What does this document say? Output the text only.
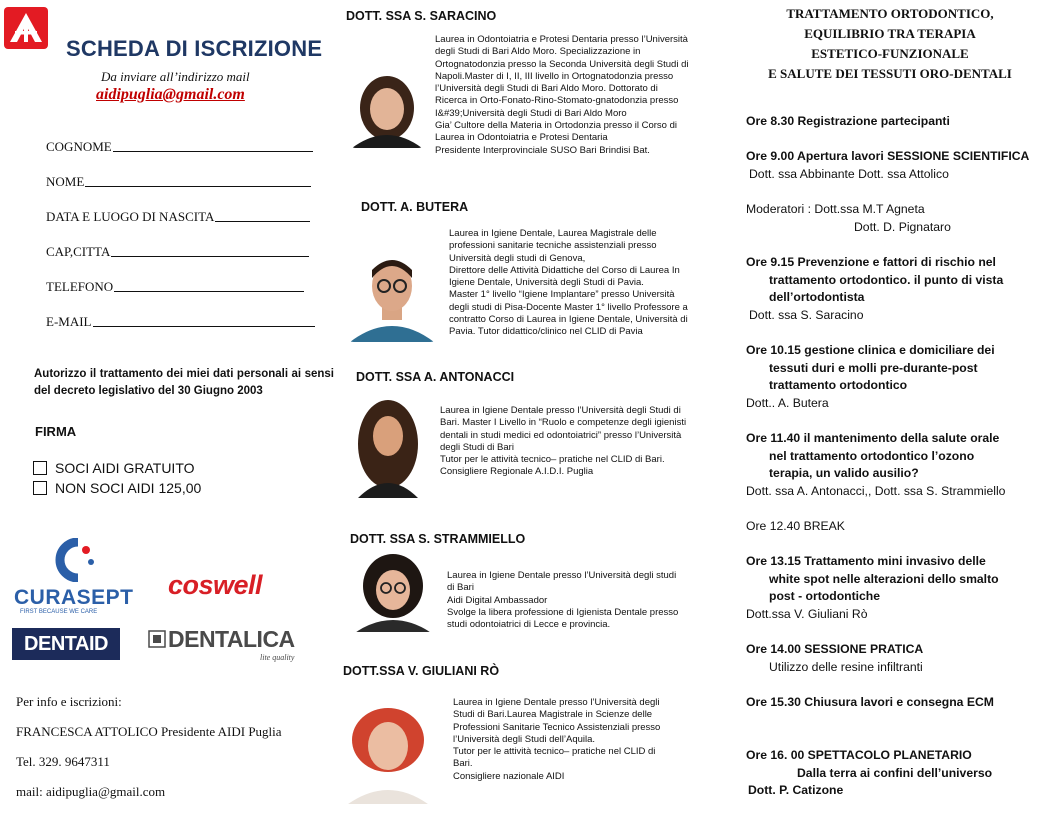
SCHEDA DI ISCRIZIONE
Da inviare all’indirizzo mail
aidipuglia@gmail.com
COGNOME
NOME
DATA E LUOGO DI NASCITA
CAP,CITTA
TELEFONO
E-MAIL
Autorizzo il trattamento dei miei dati personali ai sensi del decreto legislativo del 30 Giugno 2003
FIRMA
SOCI AIDI GRATUITO
NON SOCI AIDI 125,00
CURASEPT
FIRST BECAUSE WE CARE
coswell
DENTAID	DENTALICA
lite quality
Per info e iscrizioni:
FRANCESCA ATTOLICO Presidente AIDI Puglia
Tel. 329. 9647311
mail: aidipuglia@gmail.com
DOTT. SSA S. SARACINO
Laurea in Odontoiatria e Protesi Dentaria presso l’Università
degli Studi di Bari Aldo Moro. Specializzazione in
Ortognatodonzia presso la Seconda Università degli Studi di
Napoli.Master di I, II, III livello in Ortognatodonzia presso
l’Università degli Studi di Bari Aldo Moro. Dottorato di
Ricerca in Orto-Fonato-Rino-Stomato-gnatodonzia presso
I&#39;Università degli Studi di Bari Aldo Moro
Gia’ Cultore della Materia in Ortodonzia presso il Corso di
Laurea in Odontoiatria e Protesi Dentaria
Presidente Interprovinciale SUSO Bari Brindisi Bat.
DOTT. A. BUTERA
Laurea in Igiene Dentale, Laurea Magistrale delle
professioni sanitarie tecniche assistenziali presso
Università degli studi di Genova,
Direttore delle Attività Didattiche del Corso di Laurea In
Igiene Dentale, Università degli Studi di Pavia.
Master 1° livello “Igiene Implantare” presso Università
degli studi di Pisa-Docente Master 1° livello Professore a
contratto Corso di Laurea in Igiene Dentale, Università di
Pavia. Tutor didattico/clinico nel CLID di Pavia
DOTT. SSA A. ANTONACCI
Laurea in Igiene Dentale presso l’Università degli Studi di
Bari. Master I Livello in “Ruolo e competenze degli igienisti
dentali in studi medici ed odontoiatrici” presso l’Università
degli Studi di Bari
Tutor per le attività tecnico– pratiche nel CLID di Bari.
Consigliere Regionale A.I.D.I. Puglia
DOTT. SSA S. STRAMMIELLO
Laurea in Igiene Dentale presso l’Università degli studi
di Bari
Aidi Digital Ambassador
Svolge la libera professione di Igienista Dentale presso
studi odontoiatrici di Lecce e provincia.
DOTT.SSA V. GIULIANI RÒ
Laurea in Igiene Dentale presso l’Università degli
Studi di Bari.Laurea Magistrale in Scienze delle
Professioni Sanitarie Tecnico Assistenziali presso
l’Università degli Studi dell’Aquila.
Tutor per le attività tecnico– pratiche nel CLID di
Bari.
Consigliere nazionale AIDI
TRATTAMENTO ORTODONTICO,
EQUILIBRIO TRA TERAPIA
ESTETICO-FUNZIONALE
E SALUTE DEI TESSUTI ORO-DENTALI
Ore 8.30 Registrazione partecipanti
Ore 9.00 Apertura lavori SESSIONE SCIENTIFICA
Dott. ssa Abbinante Dott. ssa Attolico
Moderatori : Dott.ssa M.T Agneta
Dott. D. Pignataro
Ore 9.15 Prevenzione e fattori di rischio nel
trattamento ortodontico. il punto di vista
dell’ortodontista
Dott. ssa S. Saracino
Ore 10.15 gestione clinica e domiciliare dei
tessuti duri e molli pre-durante-post
trattamento ortodontico
Dott.. A. Butera
Ore 11.40 il mantenimento della salute orale
nel trattamento ortodontico l’ozono
terapia, un valido ausilio?
Dott. ssa A. Antonacci,, Dott. ssa S. Strammiello
Ore 12.40 BREAK
Ore 13.15 Trattamento mini invasivo delle
white spot nelle alterazioni dello smalto
post - ortodontiche
Dott.ssa V. Giuliani Rò
Ore 14.00 SESSIONE PRATICA
Utilizzo delle resine infiltranti
Ore 15.30 Chiusura lavori e consegna ECM
Ore 16. 00 SPETTACOLO PLANETARIO
Dalla terra ai confini dell’universo
Dott. P. Catizone
